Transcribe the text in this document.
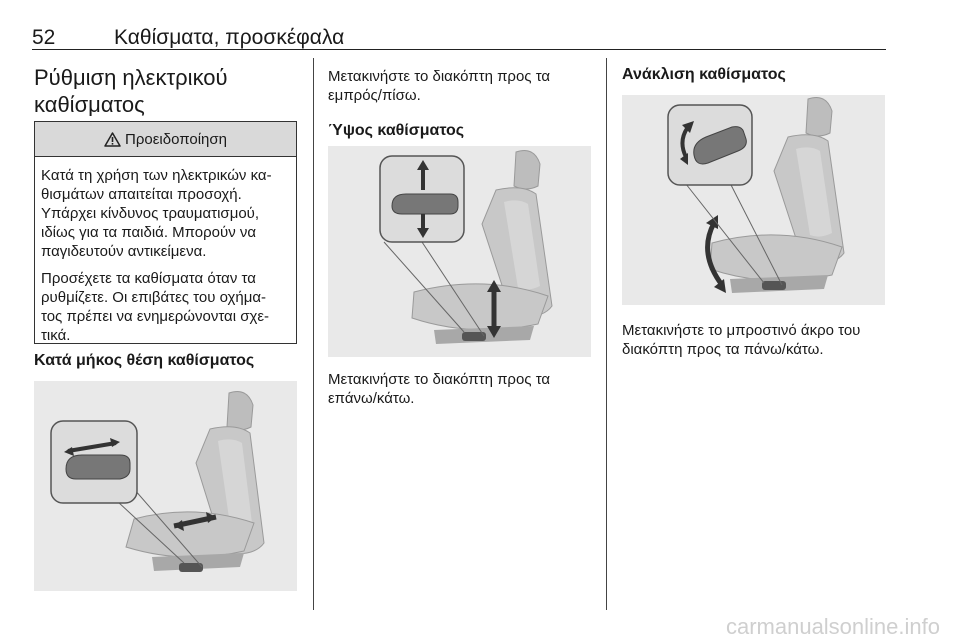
52	Καθίσματα, προσκέφαλα
Ρύθμιση ηλεκτρικού
καθίσματος
Προειδοποίηση

Κατά τη χρήση των ηλεκτρικών κα-
θισμάτων απαιτείται προσοχή.
Υπάρχει κίνδυνος τραυματισμού,
ιδίως για τα παιδιά. Μπορούν να
παγιδευτούν αντικείμενα.

Προσέχετε τα καθίσματα όταν τα
ρυθμίζετε. Οι επιβάτες του οχήμα-
τος πρέπει να ενημερώνονται σχε-
τικά.

Κατά μήκος θέση καθίσματος
Μετακινήστε το διακόπτη προς τα
εμπρός/πίσω.
Ύψος καθίσματος
Μετακινήστε το διακόπτη προς τα
επάνω/κάτω.
Ανάκλιση καθίσματος
Μετακινήστε το μπροστινό άκρο του
διακόπτη προς τα πάνω/κάτω.
carmanualsonline.info
